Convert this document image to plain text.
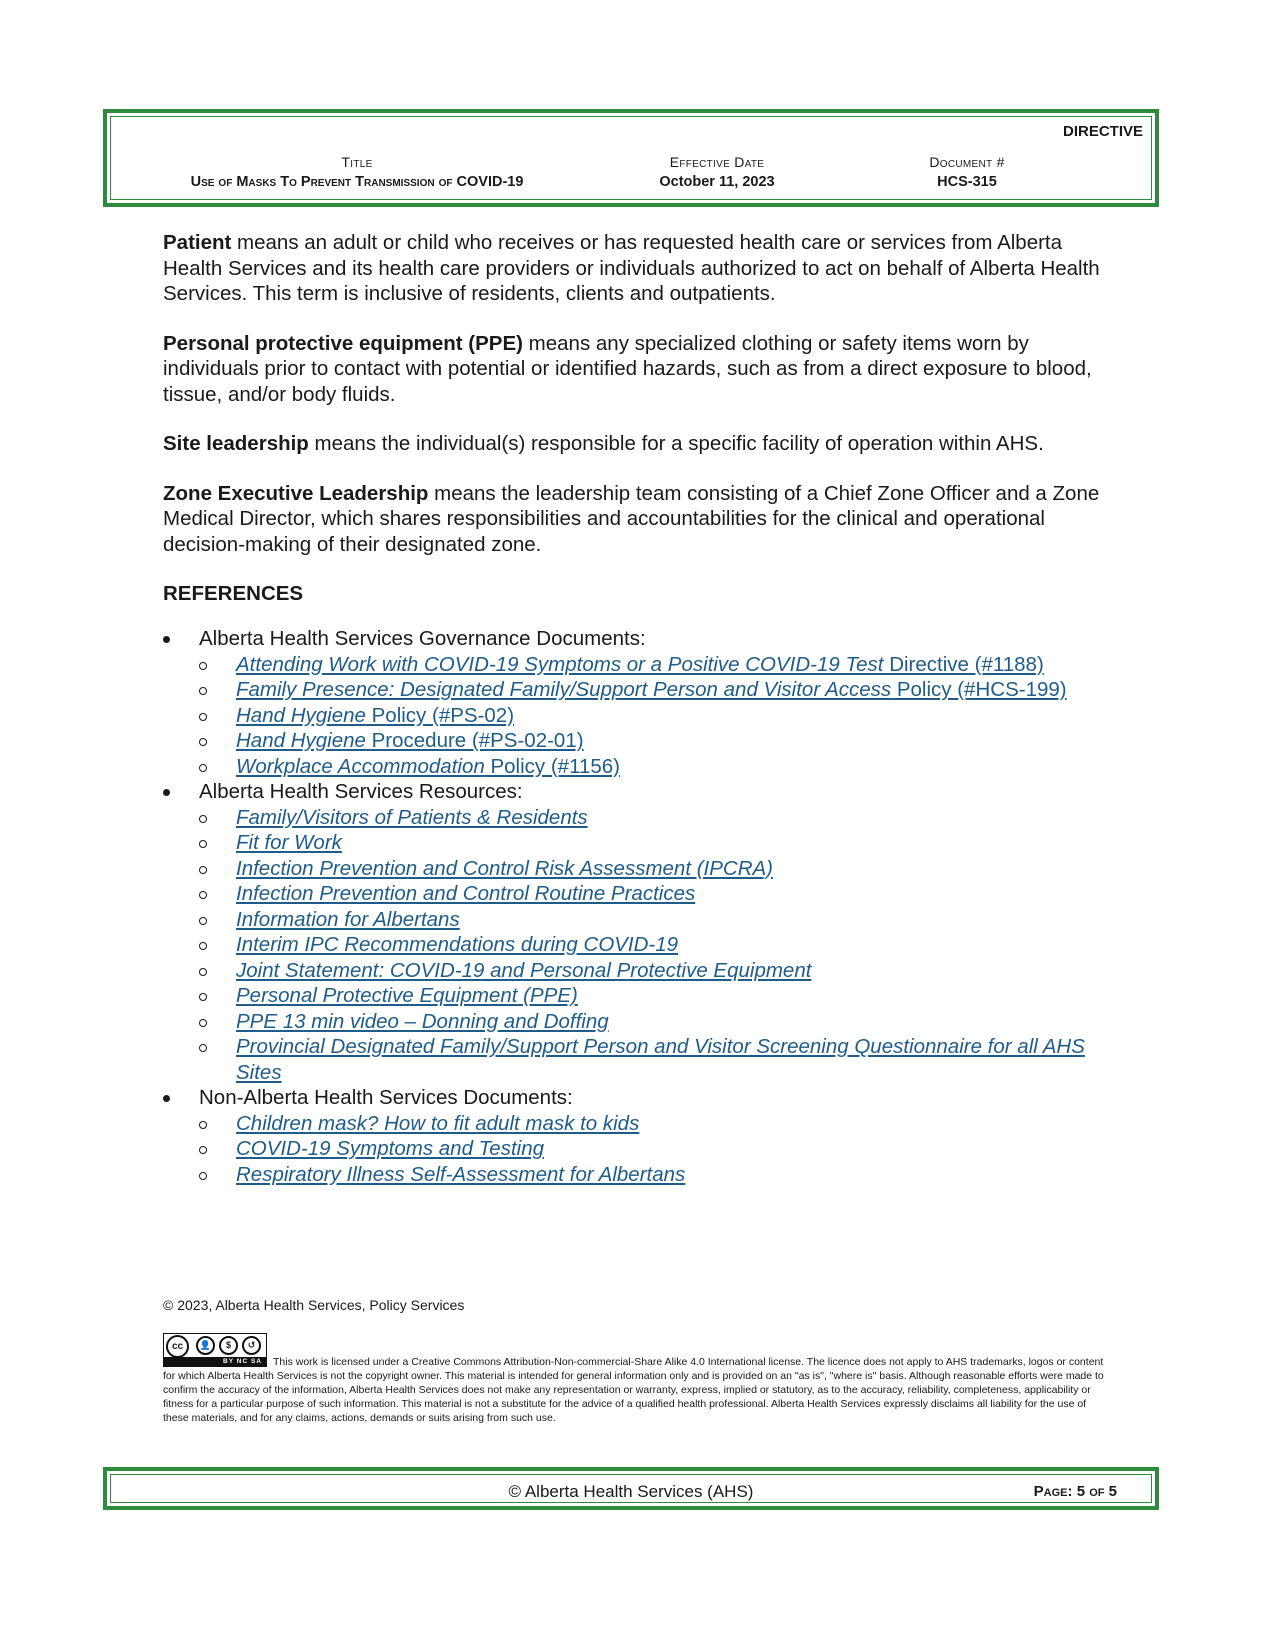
DIRECTIVE
Title
Use of Masks To Prevent Transmission of COVID-19
Effective Date
October 11, 2023
Document #
HCS-315

Patient means an adult or child who receives or has requested health care or services from Alberta Health Services and its health care providers or individuals authorized to act on behalf of Alberta Health Services. This term is inclusive of residents, clients and outpatients.

Personal protective equipment (PPE) means any specialized clothing or safety items worn by individuals prior to contact with potential or identified hazards, such as from a direct exposure to blood, tissue, and/or body fluids.

Site leadership means the individual(s) responsible for a specific facility of operation within AHS.

Zone Executive Leadership means the leadership team consisting of a Chief Zone Officer and a Zone Medical Director, which shares responsibilities and accountabilities for the clinical and operational decision-making of their designated zone.

REFERENCES
Alberta Health Services Governance Documents:
Attending Work with COVID-19 Symptoms or a Positive COVID-19 Test Directive (#1188)
Family Presence: Designated Family/Support Person and Visitor Access Policy (#HCS-199)
Hand Hygiene Policy (#PS-02)
Hand Hygiene Procedure (#PS-02-01)
Workplace Accommodation Policy (#1156)
Alberta Health Services Resources:
Family/Visitors of Patients & Residents
Fit for Work
Infection Prevention and Control Risk Assessment (IPCRA)
Infection Prevention and Control Routine Practices
Information for Albertans
Interim IPC Recommendations during COVID-19
Joint Statement: COVID-19 and Personal Protective Equipment
Personal Protective Equipment (PPE)
PPE 13 min video – Donning and Doffing
Provincial Designated Family/Support Person and Visitor Screening Questionnaire for all AHS Sites
Non-Alberta Health Services Documents:
Children mask? How to fit adult mask to kids
COVID-19 Symptoms and Testing
Respiratory Illness Self-Assessment for Albertans
© 2023, Alberta Health Services, Policy Services
cc	👤	$	↺
BY NC SA	This work is licensed under a Creative Commons Attribution-Non-commercial-Share Alike 4.0 International license. The licence does not apply to AHS trademarks, logos or content for which Alberta Health Services is not the copyright owner. This material is intended for general information only and is provided on an "as is", "where is" basis. Although reasonable efforts were made to confirm the accuracy of the information, Alberta Health Services does not make any representation or warranty, express, implied or statutory, as to the accuracy, reliability, completeness, applicability or fitness for a particular purpose of such information. This material is not a substitute for the advice of a qualified health professional. Alberta Health Services expressly disclaims all liability for the use of these materials, and for any claims, actions, demands or suits arising from such use.
© Alberta Health Services (AHS)	Page: 5 of 5
